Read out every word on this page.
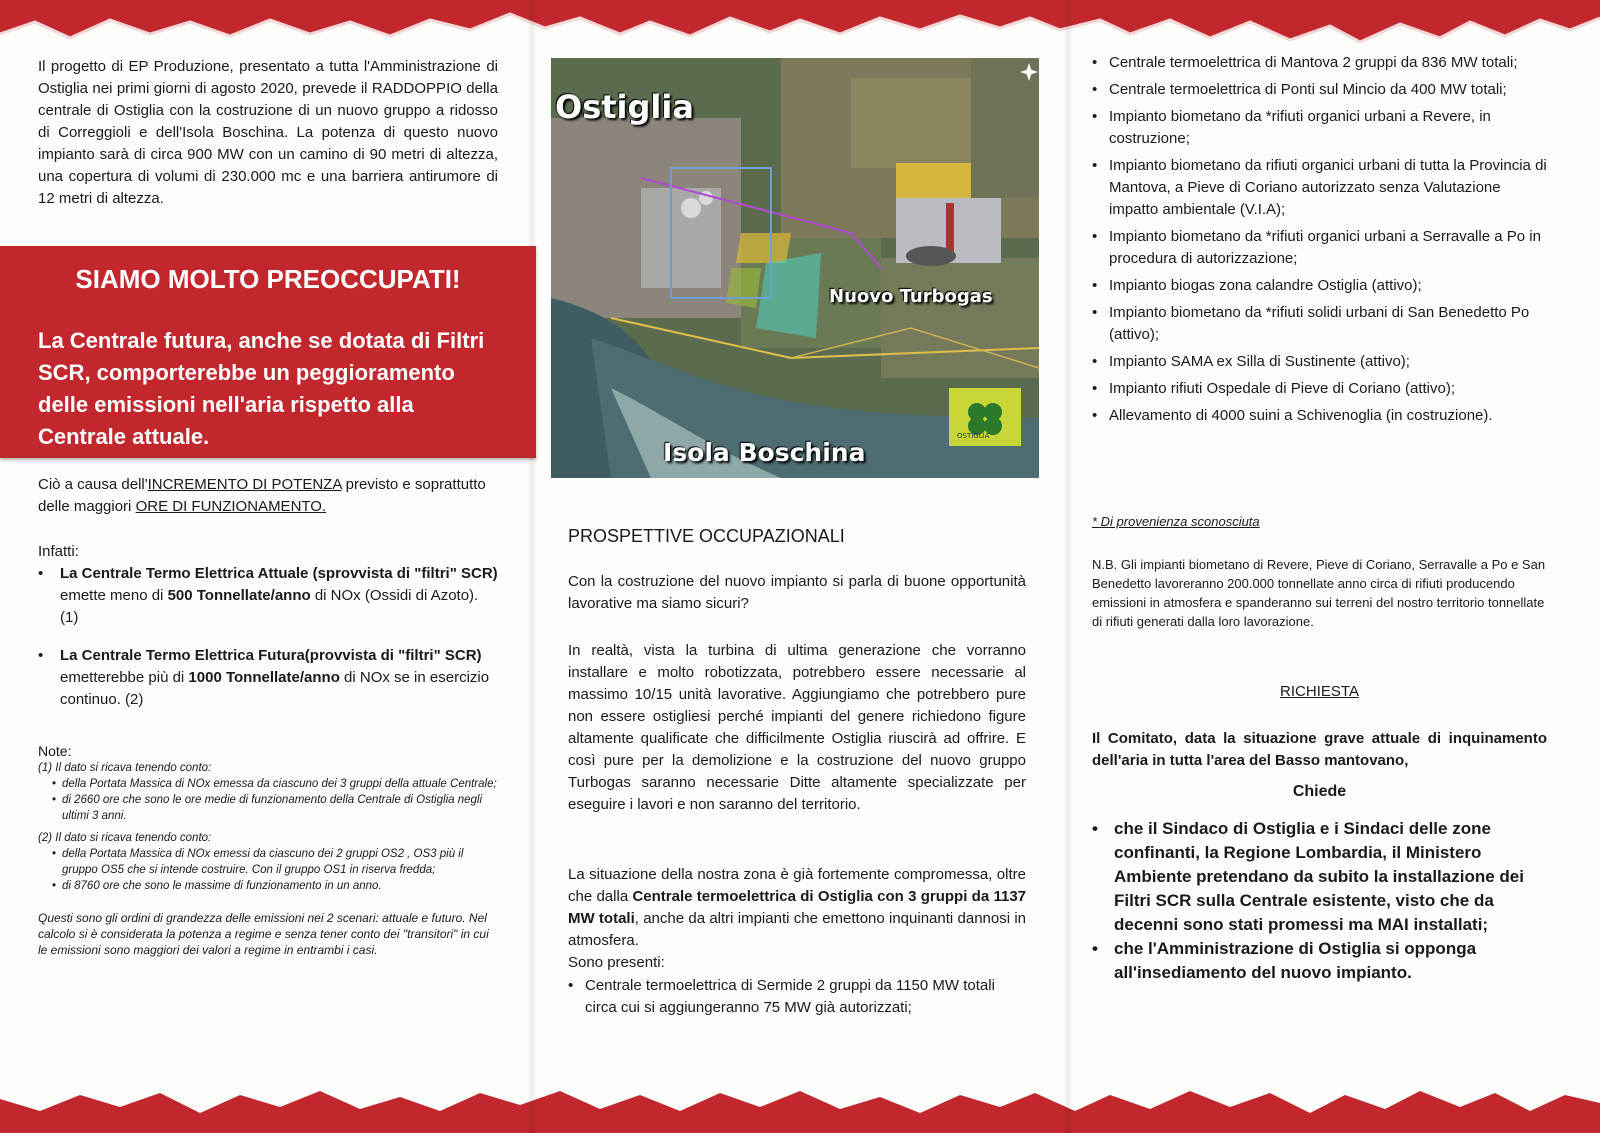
Il progetto di EP Produzione, presentato a tutta l'Amministrazione di Ostiglia nei primi giorni di agosto 2020, prevede il RADDOPPIO della centrale di Ostiglia con la costruzione di un nuovo gruppo a ridosso di Correggioli e dell'Isola Boschina. La potenza di questo nuovo impianto sarà di circa 900 MW con un camino di 90 metri di altezza, una copertura di volumi di 230.000 mc e una barriera antirumore di 12 metri di altezza.

SIAMO MOLTO PREOCCUPATI!
La Centrale futura, anche se dotata di Filtri SCR, comporterebbe un peggioramento delle emissioni nell'aria rispetto alla Centrale attuale.

Ciò a causa dell'INCREMENTO DI POTENZA previsto e soprattutto delle maggiori ORE DI FUNZIONAMENTO.

Infatti:

• La Centrale Termo Elettrica Attuale (sprovvista di "filtri" SCR) emette meno di 500 Tonnellate/anno di NOx (Ossidi di Azoto). (1)
• La Centrale Termo Elettrica Futura(provvista di "filtri" SCR) emetterebbe più di 1000 Tonnellate/anno di NOx se in esercizio continuo. (2)

Note:

(1) Il dato si ricava tenendo conto:

• della Portata Massica di NOx emessa da ciascuno dei 3 gruppi della attuale Centrale;

• di 2660 ore che sono le ore medie di funzionamento della Centrale di Ostiglia negli ultimi 3 anni.

(2) Il dato si ricava tenendo conto:

• della Portata Massica di NOx emessi da ciascuno dei 2 gruppi OS2 , OS3 più il gruppo OS5 che si intende costruire. Con il gruppo OS1 in riserva fredda;

• di 8760 ore che sono le massime di funzionamento in un anno.

Questi sono gli ordini di grandezza delle emissioni nei 2 scenari: attuale e futuro. Nel calcolo si è considerata la potenza a regime e senza tener conto dei "transitori" in cui le emissioni sono maggiori dei valori a regime in entrambi i casi.

Ostiglia
Nuovo Turbogas
Isola Boschina
OSTIGLIA
PROSPETTIVE OCCUPAZIONALI

Con la costruzione del nuovo impianto si parla di buone opportunità lavorative ma siamo sicuri?

In realtà, vista la turbina di ultima generazione che vorranno installare e molto robotizzata, potrebbero essere necessarie al massimo 10/15 unità lavorative. Aggiungiamo che potrebbero pure non essere ostigliesi perché impianti del genere richiedono figure altamente qualificate che difficilmente Ostiglia riuscirà ad offrire. E così pure per la demolizione e la costruzione del nuovo gruppo Turbogas saranno necessarie Ditte altamente specializzate per eseguire i lavori e non saranno del territorio.

La situazione della nostra zona è già fortemente compromessa, oltre che dalla Centrale termoelettrica di Ostiglia con 3 gruppi da 1137 MW totali, anche da altri impianti che emettono inquinanti dannosi in atmosfera.

Sono presenti:

• Centrale termoelettrica di Sermide 2 gruppi da 1150 MW totali circa cui si aggiungeranno 75 MW già autorizzati;
• Centrale termoelettrica di Mantova 2 gruppi da 836 MW totali;
• Centrale termoelettrica di Ponti sul Mincio da 400 MW totali;
• Impianto biometano da *rifiuti organici urbani a Revere, in costruzione;
• Impianto biometano da rifiuti organici urbani di tutta la Provincia di Mantova, a Pieve di Coriano autorizzato senza Valutazione impatto ambientale (V.I.A);
• Impianto biometano da *rifiuti organici urbani a Serravalle a Po in procedura di autorizzazione;
• Impianto biogas zona calandre Ostiglia (attivo);
• Impianto biometano da *rifiuti solidi urbani di San Benedetto Po (attivo);
• Impianto SAMA ex Silla di Sustinente (attivo);
• Impianto rifiuti Ospedale di Pieve di Coriano (attivo);
• Allevamento di 4000 suini a Schivenoglia (in costruzione).

* Di provenienza sconosciuta

N.B. Gli impianti biometano di Revere, Pieve di Coriano, Serravalle a Po e San Benedetto lavoreranno 200.000 tonnellate anno circa di rifiuti producendo emissioni in atmosfera e spanderanno sui terreni del nostro territorio tonnellate di rifiuti generati dalla loro lavorazione.

RICHIESTA

Il Comitato, data la situazione grave attuale di inquinamento dell'aria in tutta l'area del Basso mantovano,

Chiede

• che il Sindaco di Ostiglia e i Sindaci delle zone confinanti, la Regione Lombardia, il Ministero Ambiente pretendano da subito la installazione dei Filtri SCR sulla Centrale esistente, visto che da decenni sono stati promessi ma MAI installati;
• che l'Amministrazione di Ostiglia si opponga all'insediamento del nuovo impianto.
